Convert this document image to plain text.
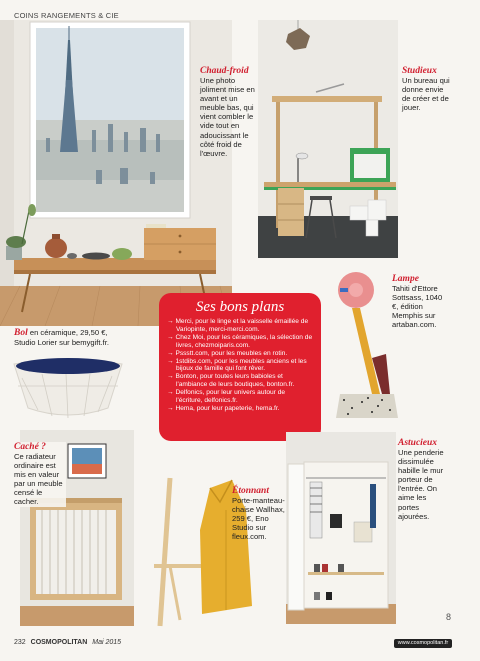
COINS RANGEMENTS & CIE
Chaud-froid
Une photo joliment mise en avant et un meuble bas, qui vient combler le vide tout en adoucissant le côté froid de l'œuvre.
Studieux
Un bureau qui donne envie de créer et de jouer.
Lampe
Tahiti d'Ettore Sottsass, 1040 €, édition Memphis sur artaban.com.
Ses bons plans
→ Merci, pour le linge et la vaisselle émaillée de Variopinte, merci-merci.com.
→ Chez Moi, pour les céramiques, la sélection de livres, chezmoiparis.com.
→ Pssstt.com, pour les meubles en rotin.
→ 1stdibs.com, pour les meubles anciens et les bijoux de famille qui font rêver.
→ Bonton, pour toutes leurs babioles et l'ambiance de leurs boutiques, bonton.fr.
→ Delfonics, pour leur univers autour de l'écriture, delfonics.fr.
→ Hema, pour leur papeterie, hema.fr.
Bol en céramique, 29,50 €, Studio Lorier sur bemygift.fr.
Caché ?
Ce radiateur ordinaire est mis en valeur par un meuble censé le cacher.
Étonnant
Porte-manteau-chaise Wallhax, 259 €, Eno Studio sur fleux.com.
Astucieux
Une penderie dissimulée habille le mur porteur de l'entrée. On aime les portes ajourées.
8
232 COSMOPOLITAN Mai 2015	www.cosmopolitan.fr
